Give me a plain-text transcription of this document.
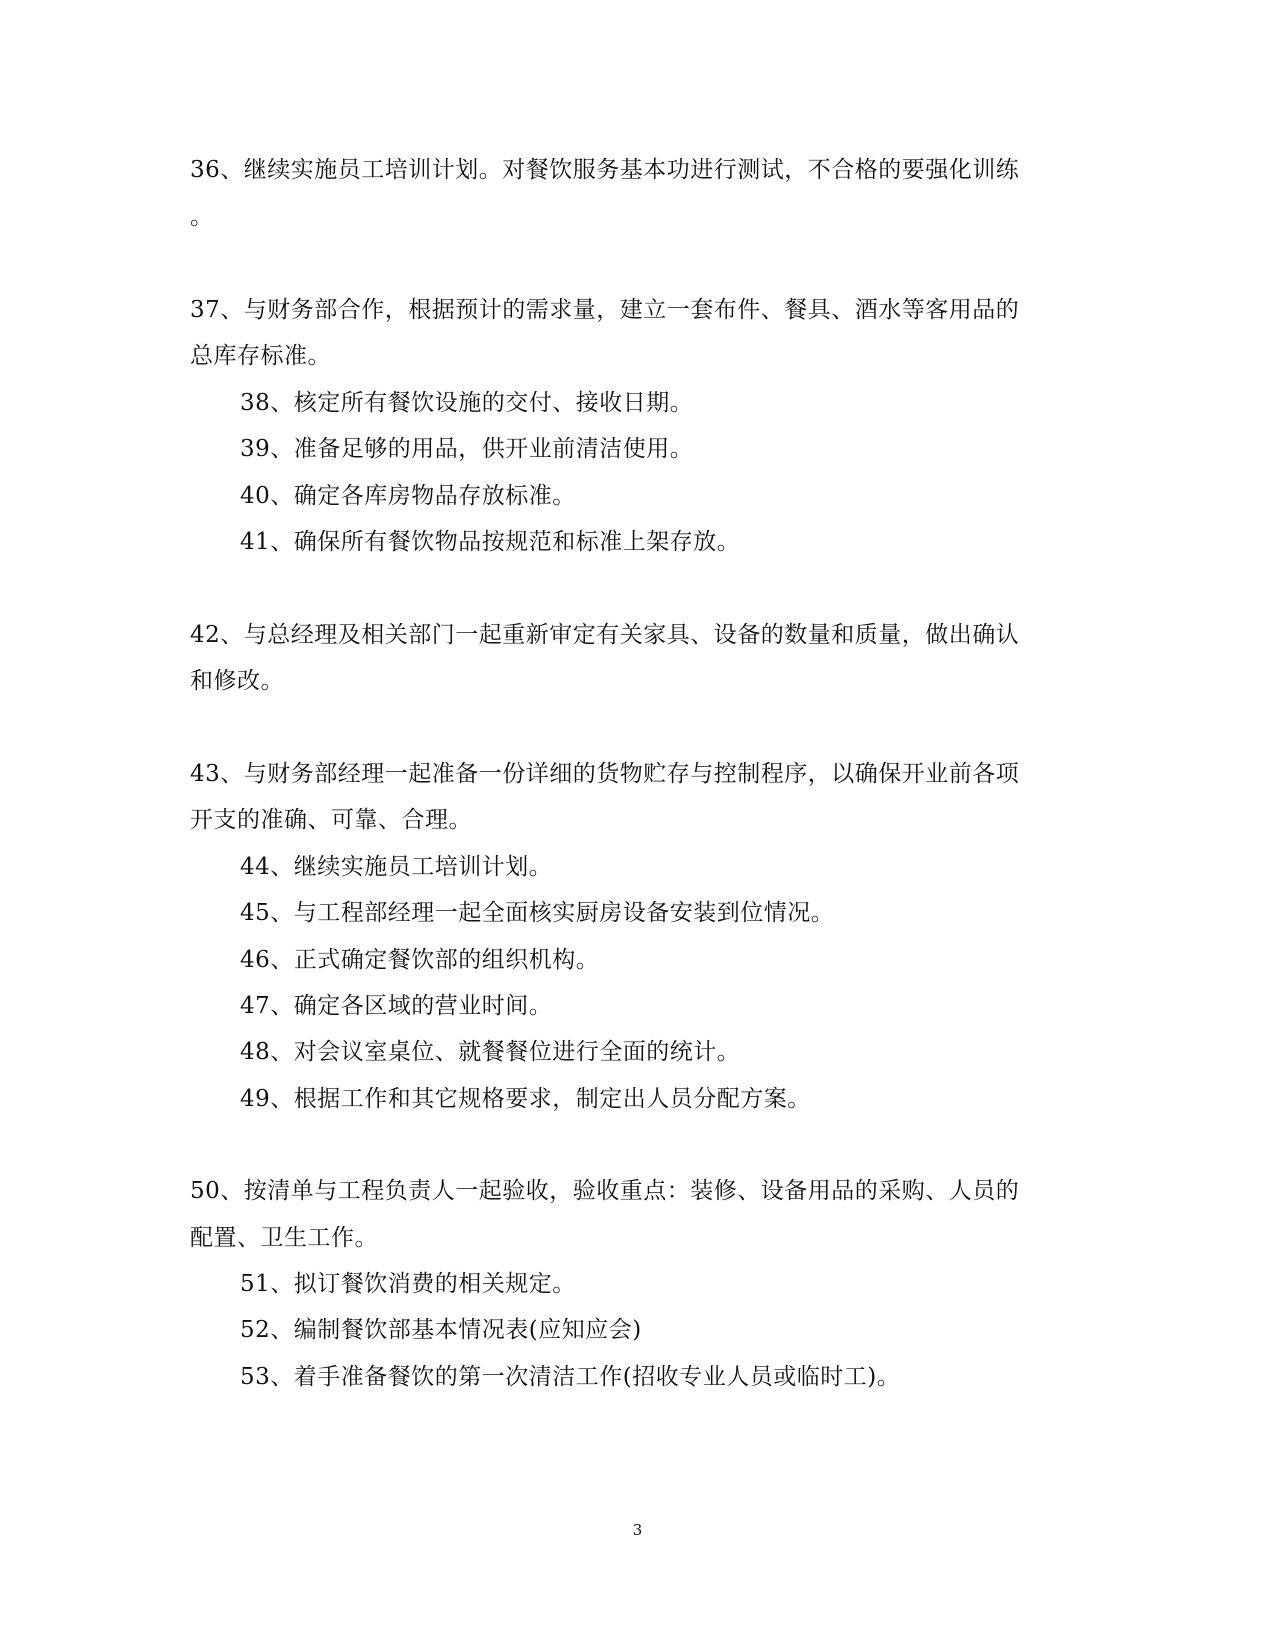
36、继续实施员工培训计划。对餐饮服务基本功进行测试，不合格的要强化训练
。
37、与财务部合作，根据预计的需求量，建立一套布件、餐具、酒水等客用品的
总库存标准。
38、核定所有餐饮设施的交付、接收日期。
39、准备足够的用品，供开业前清洁使用。
40、确定各库房物品存放标准。
41、确保所有餐饮物品按规范和标准上架存放。
42、与总经理及相关部门一起重新审定有关家具、设备的数量和质量，做出确认
和修改。
43、与财务部经理一起准备一份详细的货物贮存与控制程序，以确保开业前各项
开支的准确、可靠、合理。
44、继续实施员工培训计划。
45、与工程部经理一起全面核实厨房设备安装到位情况。
46、正式确定餐饮部的组织机构。
47、确定各区域的营业时间。
48、对会议室桌位、就餐餐位进行全面的统计。
49、根据工作和其它规格要求，制定出人员分配方案。
50、按清单与工程负责人一起验收，验收重点：装修、设备用品的采购、人员的
配置、卫生工作。
51、拟订餐饮消费的相关规定。
52、编制餐饮部基本情况表(应知应会)
53、着手准备餐饮的第一次清洁工作(招收专业人员或临时工)。
3
